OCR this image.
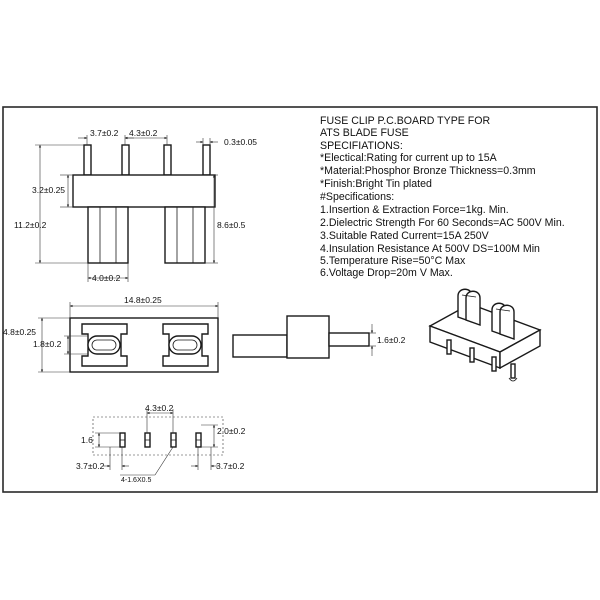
3.7±0.2 4.3±0.2
0.3±0.05
3.2±0.25
11.2±0.2	8.6±0.5
4.0±0.2
14.8±0.25
4.8±0.25
1.8±0.2	1.6±0.2
4.3±0.2
1.6
2.0±0.2
3.7±0.2	3.7±0.2
4-1.6X0.5
FUSE CLIP P.C.BOARD TYPE FOR
ATS BLADE FUSE
SPECIFIATIONS:
*Electical:Rating for current up to 15A
*Material:Phosphor Bronze Thickness=0.3mm
*Finish:Bright Tin plated
#Specifications:
1.Insertion & Extraction Force=1kg. Min.
2.Dielectric Strength For 60 Seconds=AC 500V Min.
3.Suitable Rated Current=15A 250V
4.Insulation Resistance At 500V DS=100M Min
5.Temperature Rise=50°C Max
6.Voltage Drop=20m V Max.
